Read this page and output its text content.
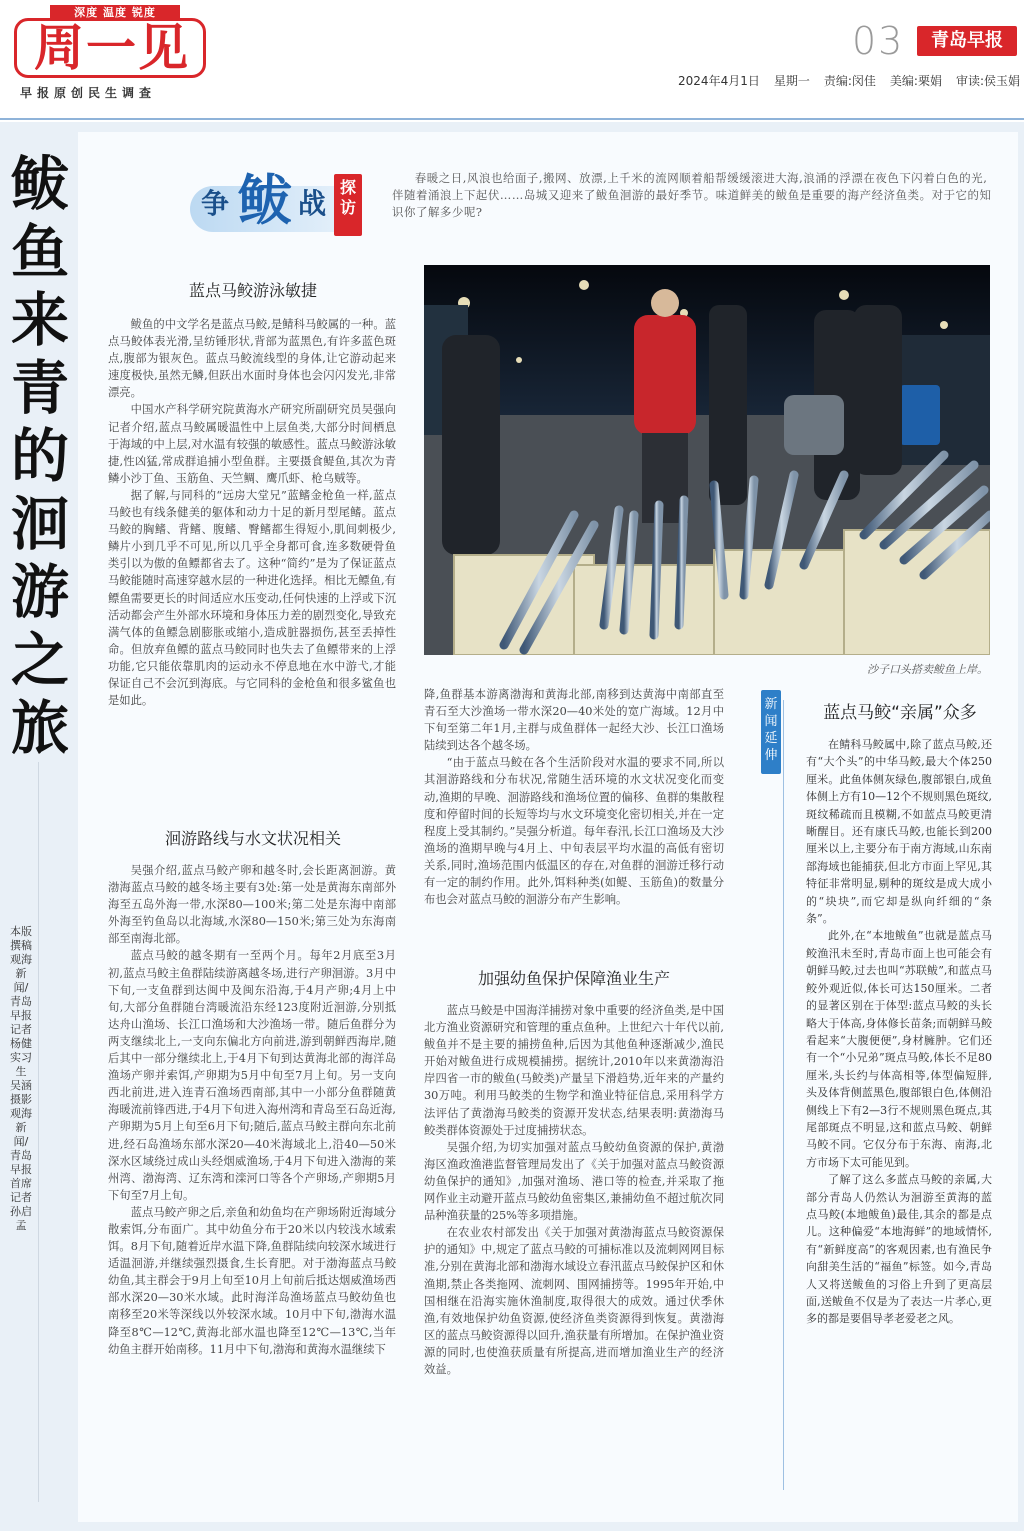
深度 温度 锐度
周一见
早报原创民生调查
03	青岛早报
2024年4月1日 星期一 责编:闵佳 美编:栗娟 审读:侯玉娟
鲅鱼来青的洄游之旅
本版撰稿 观海新闻/青岛早报记者 杨健 实习生 吴涵 摄影 观海新闻/青岛早报首席记者 孙启孟
争 鲅 战 探访
春暖之日,风浪也给面子,搬网、放漂,上千米的流网顺着船帮缓缓滚进大海,浪涌的浮漂在夜色下闪着白色的光,伴随着涌浪上下起伏……岛城又迎来了鲅鱼洄游的最好季节。味道鲜美的鲅鱼是重要的海产经济鱼类。对于它的知识你了解多少呢?
蓝点马鲛游泳敏捷

鲅鱼的中文学名是蓝点马鲛,是鲭科马鲛属的一种。蓝点马鲛体表光滑,呈纺锤形状,背部为蓝黑色,有许多蓝色斑点,腹部为银灰色。蓝点马鲛流线型的身体,让它游动起来速度极快,虽然无鳞,但跃出水面时身体也会闪闪发光,非常漂亮。

中国水产科学研究院黄海水产研究所副研究员吴强向记者介绍,蓝点马鲛属暖温性中上层鱼类,大部分时间栖息于海域的中上层,对水温有较强的敏感性。蓝点马鲛游泳敏捷,性凶猛,常成群追捕小型鱼群。主要摄食鳀鱼,其次为青鳞小沙丁鱼、玉筋鱼、天竺鲷、鹰爪虾、枪乌贼等。

据了解,与同科的“远房大堂兄”蓝鳍金枪鱼一样,蓝点马鲛也有线条健美的躯体和动力十足的新月型尾鳍。蓝点马鲛的胸鳍、背鳍、腹鳍、臀鳍都生得短小,肌间刺极少,鳞片小到几乎不可见,所以几乎全身都可食,连多数硬骨鱼类引以为傲的鱼鳔都省去了。这种“简约”是为了保证蓝点马鲛能随时高速穿越水层的一种进化选择。相比无鳔鱼,有鳔鱼需要更长的时间适应水压变动,任何快速的上浮或下沉活动都会产生外部水环境和身体压力差的剧烈变化,导致充满气体的鱼鳔急剧膨胀或缩小,造成脏器损伤,甚至丢掉性命。但放弃鱼鳔的蓝点马鲛同时也失去了鱼鳔带来的上浮功能,它只能依靠肌肉的运动永不停息地在水中游弋,才能保证自己不会沉到海底。与它同科的金枪鱼和很多鲨鱼也是如此。

洄游路线与水文状况相关

吴强介绍,蓝点马鲛产卵和越冬时,会长距离洄游。黄渤海蓝点马鲛的越冬场主要有3处:第一处是黄海东南部外海至五岛外海一带,水深80—100米;第二处是东海中南部外海至钓鱼岛以北海域,水深80—150米;第三处为东海南部至南海北部。

蓝点马鲛的越冬期有一至两个月。每年2月底至3月初,蓝点马鲛主鱼群陆续游离越冬场,进行产卵洄游。3月中下旬,一支鱼群到达闽中及闽东沿海,于4月产卵;4月上中旬,大部分鱼群随台湾暖流沿东经123度附近洄游,分别抵达舟山渔场、长江口渔场和大沙渔场一带。随后鱼群分为两支继续北上,一支向东偏北方向前进,游到朝鲜西海岸,随后其中一部分继续北上,于4月下旬到达黄海北部的海洋岛渔场产卵并索饵,产卵期为5月中旬至7月上旬。另一支向西北前进,进入连青石渔场西南部,其中一小部分鱼群随黄海暖流前锋西进,于4月下旬进入海州湾和青岛至石岛近海,产卵期为5月上旬至6月下旬;随后,蓝点马鲛主群向东北前进,经石岛渔场东部水深20—40米海域北上,沿40—50米深水区域绕过成山头经烟威渔场,于4月下旬进入渤海的莱州湾、渤海湾、辽东湾和滦河口等各个产卵场,产卵期5月下旬至7月上旬。

蓝点马鲛产卵之后,亲鱼和幼鱼均在产卵场附近海域分散索饵,分布面广。其中幼鱼分布于20米以内较浅水域索饵。8月下旬,随着近岸水温下降,鱼群陆续向较深水域进行适温洄游,并继续强烈摄食,生长育肥。对于渤海蓝点马鲛幼鱼,其主群会于9月上旬至10月上旬前后抵达烟威渔场西部水深20—30米水域。此时海洋岛渔场蓝点马鲛幼鱼也南移至20米等深线以外较深水域。10月中下旬,渤海水温降至8℃—12℃,黄海北部水温也降至12℃—13℃,当年幼鱼主群开始南移。11月中下旬,渤海和黄海水温继续下

沙子口头搭卖鲅鱼上岸。

降,鱼群基本游离渤海和黄海北部,南移到达黄海中南部直至青石至大沙渔场一带水深20—40米处的宽广海域。12月中下旬至第二年1月,主群与成鱼群体一起经大沙、长江口渔场陆续到达各个越冬场。

“由于蓝点马鲛在各个生活阶段对水温的要求不同,所以其洄游路线和分布状况,常随生活环境的水文状况变化而变动,渔期的早晚、洄游路线和渔场位置的偏移、鱼群的集散程度和停留时间的长短等均与水文环境变化密切相关,并在一定程度上受其制约。”吴强分析道。每年春汛,长江口渔场及大沙渔场的渔期早晚与4月上、中旬表层平均水温的高低有密切关系,同时,渔场范围内低温区的存在,对鱼群的洄游迁移行动有一定的制约作用。此外,饵料种类(如鳀、玉筋鱼)的数量分布也会对蓝点马鲛的洄游分布产生影响。

加强幼鱼保护保障渔业生产

蓝点马鲛是中国海洋捕捞对象中重要的经济鱼类,是中国北方渔业资源研究和管理的重点鱼种。上世纪六十年代以前,鲅鱼并不是主要的捕捞鱼种,后因为其他鱼种逐渐减少,渔民开始对鲅鱼进行成规模捕捞。据统计,2010年以来黄渤海沿岸四省一市的鲅鱼(马鲛类)产量呈下滑趋势,近年来的产量约30万吨。利用马鲛类的生物学和渔业特征信息,采用科学方法评估了黄渤海马鲛类的资源开发状态,结果表明:黄渤海马鲛类群体资源处于过度捕捞状态。

吴强介绍,为切实加强对蓝点马鲛幼鱼资源的保护,黄渤海区渔政渔港监督管理局发出了《关于加强对蓝点马鲛资源幼鱼保护的通知》,加强对渔场、港口等的检查,并采取了拖网作业主动避开蓝点马鲛幼鱼密集区,兼捕幼鱼不超过航次同品种渔获量的25%等多项措施。

在农业农村部发出《关于加强对黄渤海蓝点马鲛资源保护的通知》中,规定了蓝点马鲛的可捕标准以及流刺网网目标准,分别在黄海北部和渤海水域设立春汛蓝点马鲛保护区和休渔期,禁止各类拖网、流刺网、围网捕捞等。1995年开始,中国相继在沿海实施休渔制度,取得很大的成效。通过伏季休渔,有效地保护幼鱼资源,使经济鱼类资源得到恢复。黄渤海区的蓝点马鲛资源得以回升,渔获量有所增加。在保护渔业资源的同时,也使渔获质量有所提高,进而增加渔业生产的经济效益。

新闻延伸
蓝点马鲛“亲属”众多

在鲭科马鲛属中,除了蓝点马鲛,还有“大个头”的中华马鲛,最大个体250厘米。此鱼体侧灰绿色,腹部银白,成鱼体侧上方有10—12个不规则黑色斑纹,斑纹稀疏而且模糊,不如蓝点马鲛更清晰醒目。还有康氏马鲛,也能长到200厘米以上,主要分布于南方海域,山东南部海域也能捕获,但北方市面上罕见,其特征非常明显,剔种的斑纹是成大成小的“块块”,而它却是纵向纤细的“条条”。

此外,在“本地鲅鱼”也就是蓝点马鲛渔汛未至时,青岛市面上也可能会有朝鲜马鲛,过去也叫“苏联鲅”,和蓝点马鲛外观近似,体长可达150厘米。二者的显著区别在于体型:蓝点马鲛的头长略大于体高,身体修长苗条;而朝鲜马鲛看起来“大腹便便”,身材臃肿。它们还有一个“小兄弟”斑点马鲛,体长不足80厘米,头长约与体高相等,体型偏短胖,头及体背侧蓝黑色,腹部银白色,体侧沿侧线上下有2—3行不规则黑色斑点,其尾部斑点不明显,这和蓝点马鲛、朝鲜马鲛不同。它仅分布于东海、南海,北方市场下太可能见到。

了解了这么多蓝点马鲛的亲属,大部分青岛人仍然认为洄游至黄海的蓝点马鲛(本地鲅鱼)最佳,其余的都是点儿。这种偏爱“本地海鲜”的地域情怀,有“新鲜度高”的客观因素,也有渔民争向甜美生活的“福鱼”标签。如今,青岛人又将送鲅鱼的习俗上升到了更高层面,送鲅鱼不仅是为了表达一片孝心,更多的都是要倡导孝老爱老之风。
